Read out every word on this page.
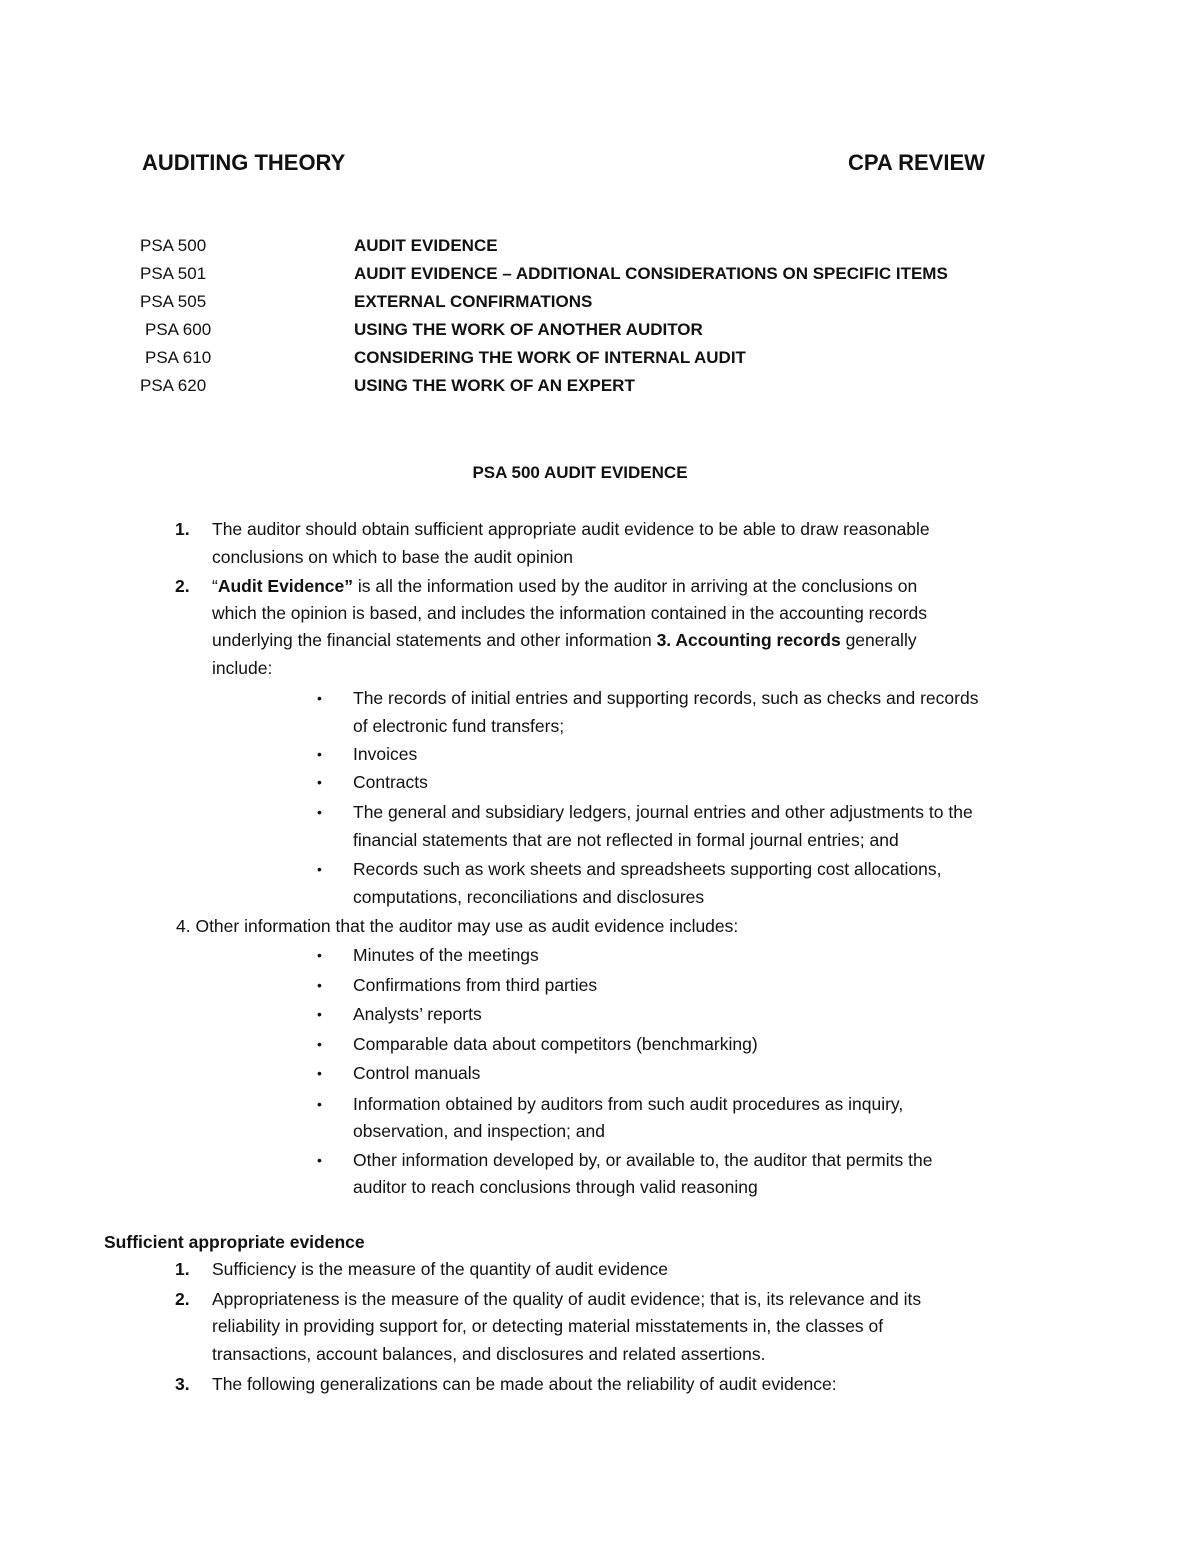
AUDITING THEORY	CPA REVIEW
PSA 500	AUDIT EVIDENCE
PSA 501	AUDIT EVIDENCE – ADDITIONAL CONSIDERATIONS ON SPECIFIC ITEMS
PSA 505	EXTERNAL CONFIRMATIONS
PSA 600	USING THE WORK OF ANOTHER AUDITOR
PSA 610	CONSIDERING THE WORK OF INTERNAL AUDIT
PSA 620	USING THE WORK OF AN EXPERT
PSA 500 AUDIT EVIDENCE
1. The auditor should obtain sufficient appropriate audit evidence to be able to draw reasonable
conclusions on which to base the audit opinion
2. “Audit Evidence” is all the information used by the auditor in arriving at the conclusions on
which the opinion is based, and includes the information contained in the accounting records
underlying the financial statements and other information 3. Accounting records generally
include:
• The records of initial entries and supporting records, such as checks and records
of electronic fund transfers;
• Invoices
• Contracts
• The general and subsidiary ledgers, journal entries and other adjustments to the
financial statements that are not reflected in formal journal entries; and
• Records such as work sheets and spreadsheets supporting cost allocations,
computations, reconciliations and disclosures
4. Other information that the auditor may use as audit evidence includes:
• Minutes of the meetings
• Confirmations from third parties
• Analysts’ reports
• Comparable data about competitors (benchmarking)
• Control manuals
• Information obtained by auditors from such audit procedures as inquiry,
observation, and inspection; and
• Other information developed by, or available to, the auditor that permits the
auditor to reach conclusions through valid reasoning
Sufficient appropriate evidence
1. Sufficiency is the measure of the quantity of audit evidence
2. Appropriateness is the measure of the quality of audit evidence; that is, its relevance and its
reliability in providing support for, or detecting material misstatements in, the classes of
transactions, account balances, and disclosures and related assertions.
3. The following generalizations can be made about the reliability of audit evidence:
